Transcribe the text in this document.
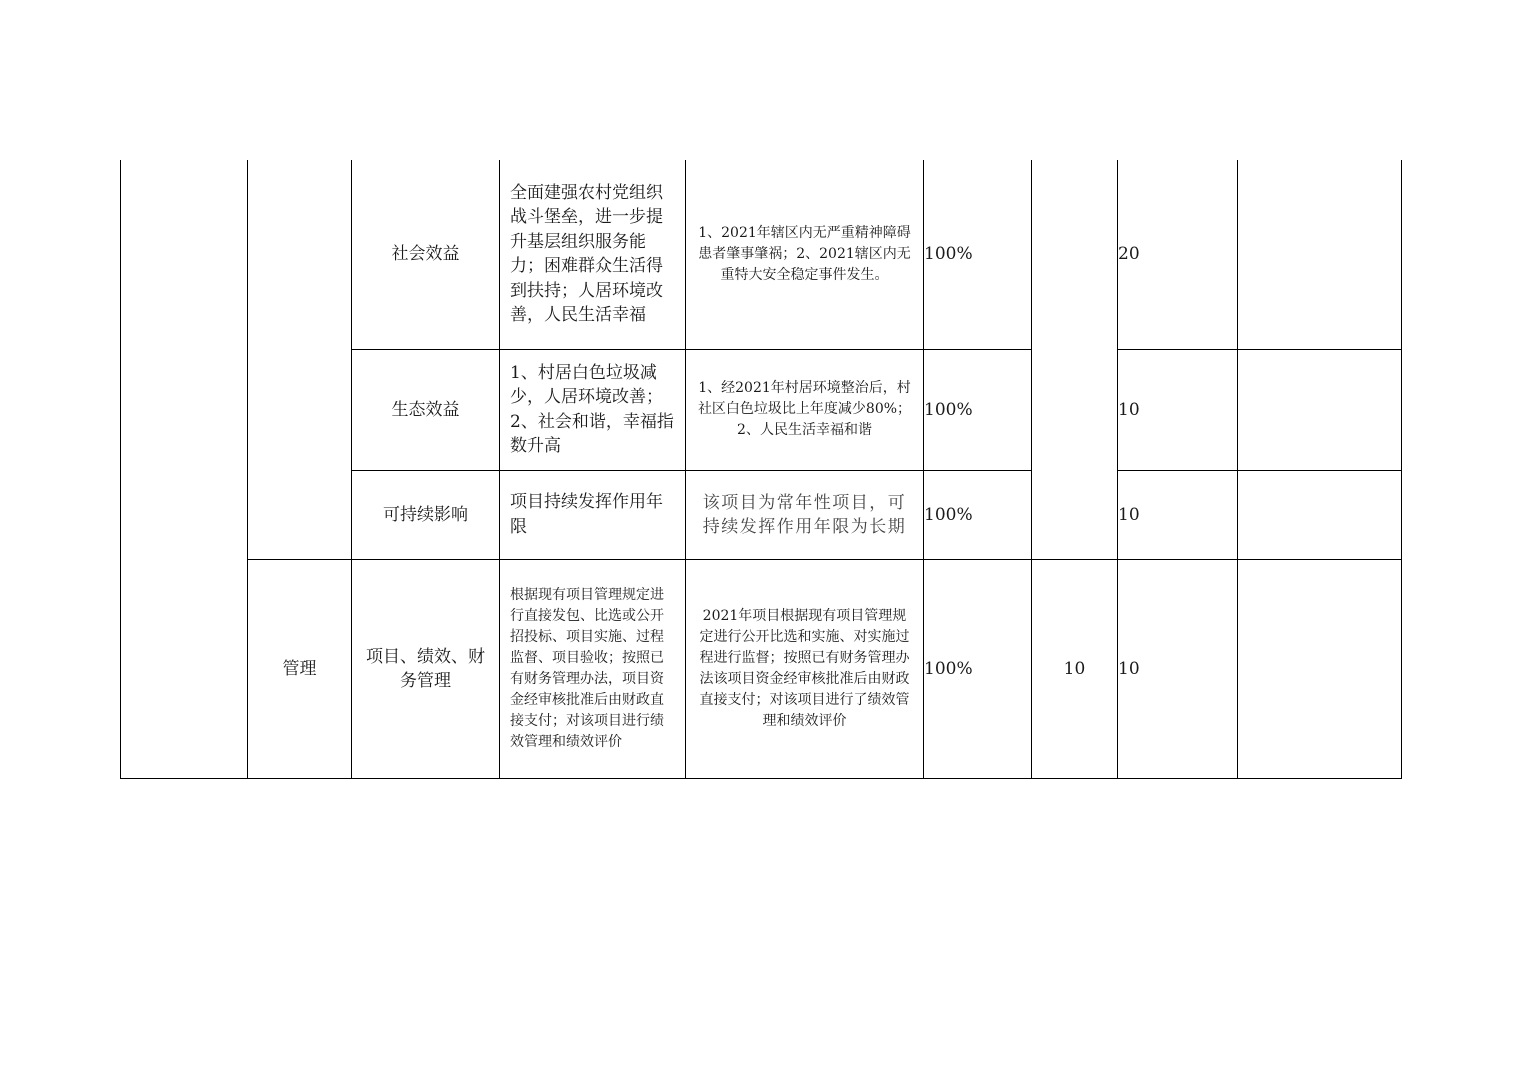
		社会效益	全面建强农村党组织战斗堡垒，进一步提升基层组织服务能力；困难群众生活得到扶持；人居环境改善，人民生活幸福	1、2021年辖区内无严重精神障碍患者肇事肇祸；2、2021辖区内无重特大安全稳定事件发生。	100%		20	
		生态效益	1、村居白色垃圾减少，人居环境改善；2、社会和谐，幸福指数升高	1、经2021年村居环境整治后，村社区白色垃圾比上年度减少80%；2、人民生活幸福和谐	100%		10	
		可持续影响	项目持续发挥作用年限	该项目为常年性项目，可持续发挥作用年限为长期	100%		10	
	管理	项目、绩效、财务管理	根据现有项目管理规定进行直接发包、比选或公开招投标、项目实施、过程监督、项目验收；按照已有财务管理办法，项目资金经审核批准后由财政直接支付；对该项目进行绩效管理和绩效评价	2021年项目根据现有项目管理规定进行公开比选和实施、对实施过程进行监督；按照已有财务管理办法该项目资金经审核批准后由财政直接支付；对该项目进行了绩效管理和绩效评价	100%	10	10	
